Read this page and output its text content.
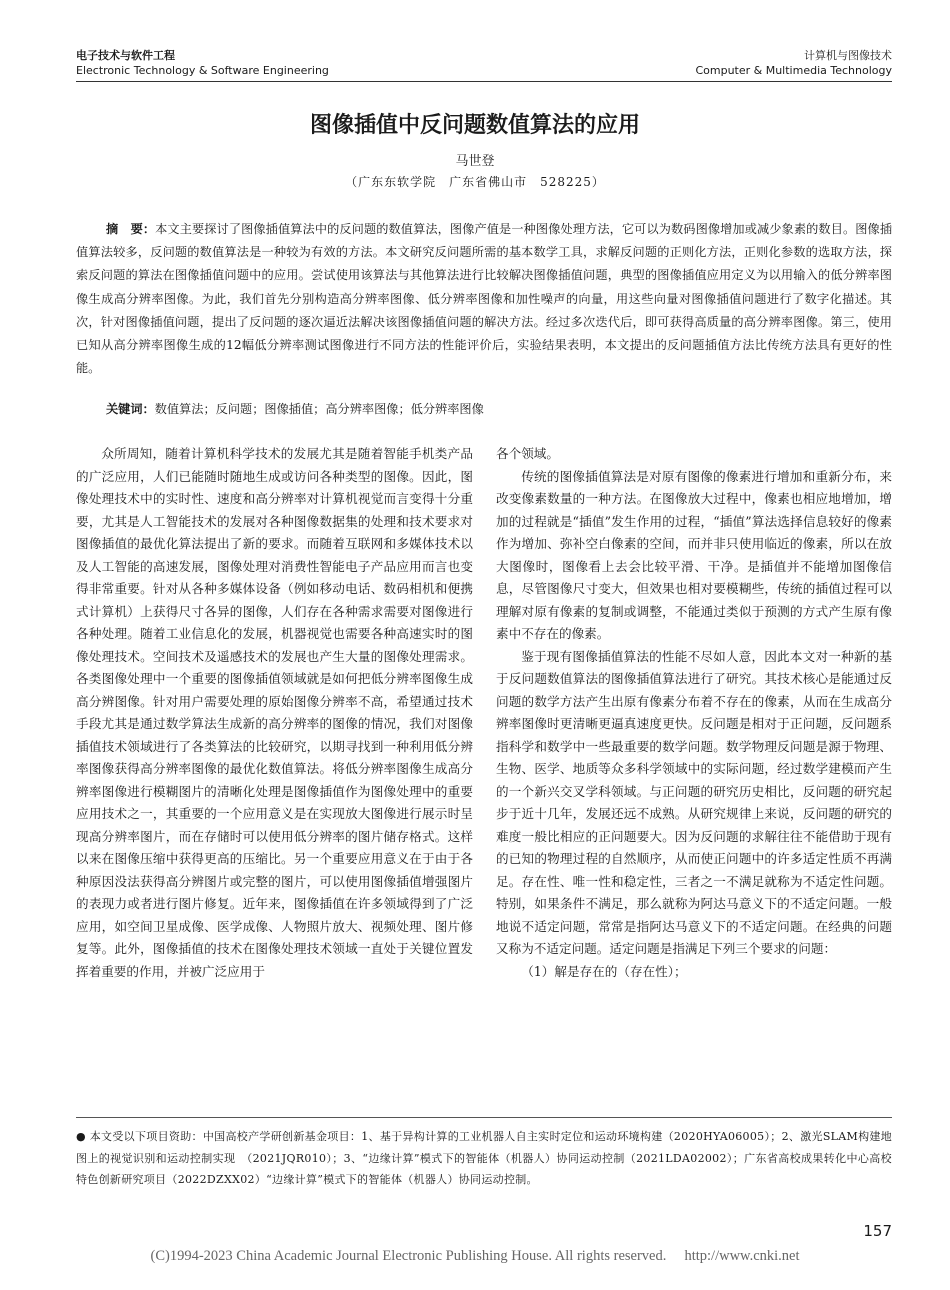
电子技术与软件工程
Electronic Technology & Software Engineering
计算机与图像技术
Computer & Multimedia Technology
图像插值中反问题数值算法的应用
马世登
（广东东软学院　广东省佛山市　528225）
摘　要：本文主要探讨了图像插值算法中的反问题的数值算法，图像产值是一种图像处理方法，它可以为数码图像增加或减少象素的数目。图像插值算法较多，反问题的数值算法是一种较为有效的方法。本文研究反问题所需的基本数学工具，求解反问题的正则化方法，正则化参数的选取方法，探索反问题的算法在图像插值问题中的应用。尝试使用该算法与其他算法进行比较解决图像插值问题，典型的图像插值应用定义为以用输入的低分辨率图像生成高分辨率图像。为此，我们首先分别构造高分辨率图像、低分辨率图像和加性噪声的向量，用这些向量对图像插值问题进行了数字化描述。其次，针对图像插值问题，提出了反问题的逐次逼近法解决该图像插值问题的解决方法。经过多次迭代后，即可获得高质量的高分辨率图像。第三，使用已知从高分辨率图像生成的12幅低分辨率测试图像进行不同方法的性能评价后，实验结果表明，本文提出的反问题插值方法比传统方法具有更好的性能。
关键词：数值算法；反问题；图像插值；高分辨率图像；低分辨率图像

众所周知，随着计算机科学技术的发展尤其是随着智能手机类产品的广泛应用，人们已能随时随地生成或访问各种类型的图像。因此，图像处理技术中的实时性、速度和高分辨率对计算机视觉而言变得十分重要，尤其是人工智能技术的发展对各种图像数据集的处理和技术要求对图像插值的最优化算法提出了新的要求。而随着互联网和多媒体技术以及人工智能的高速发展，图像处理对消费性智能电子产品应用而言也变得非常重要。针对从各种多媒体设备（例如移动电话、数码相机和便携式计算机）上获得尺寸各异的图像，人们存在各种需求需要对图像进行各种处理。随着工业信息化的发展，机器视觉也需要各种高速实时的图像处理技术。空间技术及遥感技术的发展也产生大量的图像处理需求。各类图像处理中一个重要的图像插值领域就是如何把低分辨率图像生成高分辨图像。针对用户需要处理的原始图像分辨率不高，希望通过技术手段尤其是通过数学算法生成新的高分辨率的图像的情况，我们对图像插值技术领域进行了各类算法的比较研究，以期寻找到一种利用低分辨率图像获得高分辨率图像的最优化数值算法。将低分辨率图像生成高分辨率图像进行模糊图片的清晰化处理是图像插值作为图像处理中的重要应用技术之一，其重要的一个应用意义是在实现放大图像进行展示时呈现高分辨率图片，而在存储时可以使用低分辨率的图片储存格式。这样以来在图像压缩中获得更高的压缩比。另一个重要应用意义在于由于各种原因没法获得高分辨图片或完整的图片，可以使用图像插值增强图片的表现力或者进行图片修复。近年来，图像插值在许多领域得到了广泛应用，如空间卫星成像、医学成像、人物照片放大、视频处理、图片修复等。此外，图像插值的技术在图像处理技术领域一直处于关键位置发挥着重要的作用，并被广泛应用于

各个领域。

传统的图像插值算法是对原有图像的像素进行增加和重新分布，来改变像素数量的一种方法。在图像放大过程中，像素也相应地增加，增加的过程就是“插值”发生作用的过程，“插值”算法选择信息较好的像素作为增加、弥补空白像素的空间，而并非只使用临近的像素，所以在放大图像时，图像看上去会比较平滑、干净。是插值并不能增加图像信息，尽管图像尺寸变大，但效果也相对要模糊些，传统的插值过程可以理解对原有像素的复制或调整，不能通过类似于预测的方式产生原有像素中不存在的像素。

鉴于现有图像插值算法的性能不尽如人意，因此本文对一种新的基于反问题数值算法的图像插值算法进行了研究。其技术核心是能通过反问题的数学方法产生出原有像素分布着不存在的像素，从而在生成高分辨率图像时更清晰更逼真速度更快。反问题是相对于正问题，反问题系指科学和数学中一些最重要的数学问题。数学物理反问题是源于物理、生物、医学、地质等众多科学领域中的实际问题，经过数学建模而产生的一个新兴交叉学科领域。与正问题的研究历史相比，反问题的研究起步于近十几年，发展还远不成熟。从研究规律上来说，反问题的研究的难度一般比相应的正问题要大。因为反问题的求解往往不能借助于现有的已知的物理过程的自然顺序，从而使正问题中的许多适定性质不再满足。存在性、唯一性和稳定性，三者之一不满足就称为不适定性问题。特别，如果条件不满足，那么就称为阿达马意义下的不适定问题。一般地说不适定问题，常常是指阿达马意义下的不适定问题。在经典的问题又称为不适定问题。适定问题是指满足下列三个要求的问题：

（1）解是存在的（存在性）；

● 本文受以下项目资助：中国高校产学研创新基金项目：1、基于异构计算的工业机器人自主实时定位和运动环境构建（2020HYA06005）；2、激光SLAM构建地图上的视觉识别和运动控制实现　（2021JQR010）；3、“边缘计算”模式下的智能体（机器人）协同运动控制（2021LDA02002）；广东省高校成果转化中心高校特色创新研究项目（2022DZXX02）“边缘计算”模式下的智能体（机器人）协同运动控制。
157
(C)1994-2023 China Academic Journal Electronic Publishing House. All rights reserved.　 http://www.cnki.net
